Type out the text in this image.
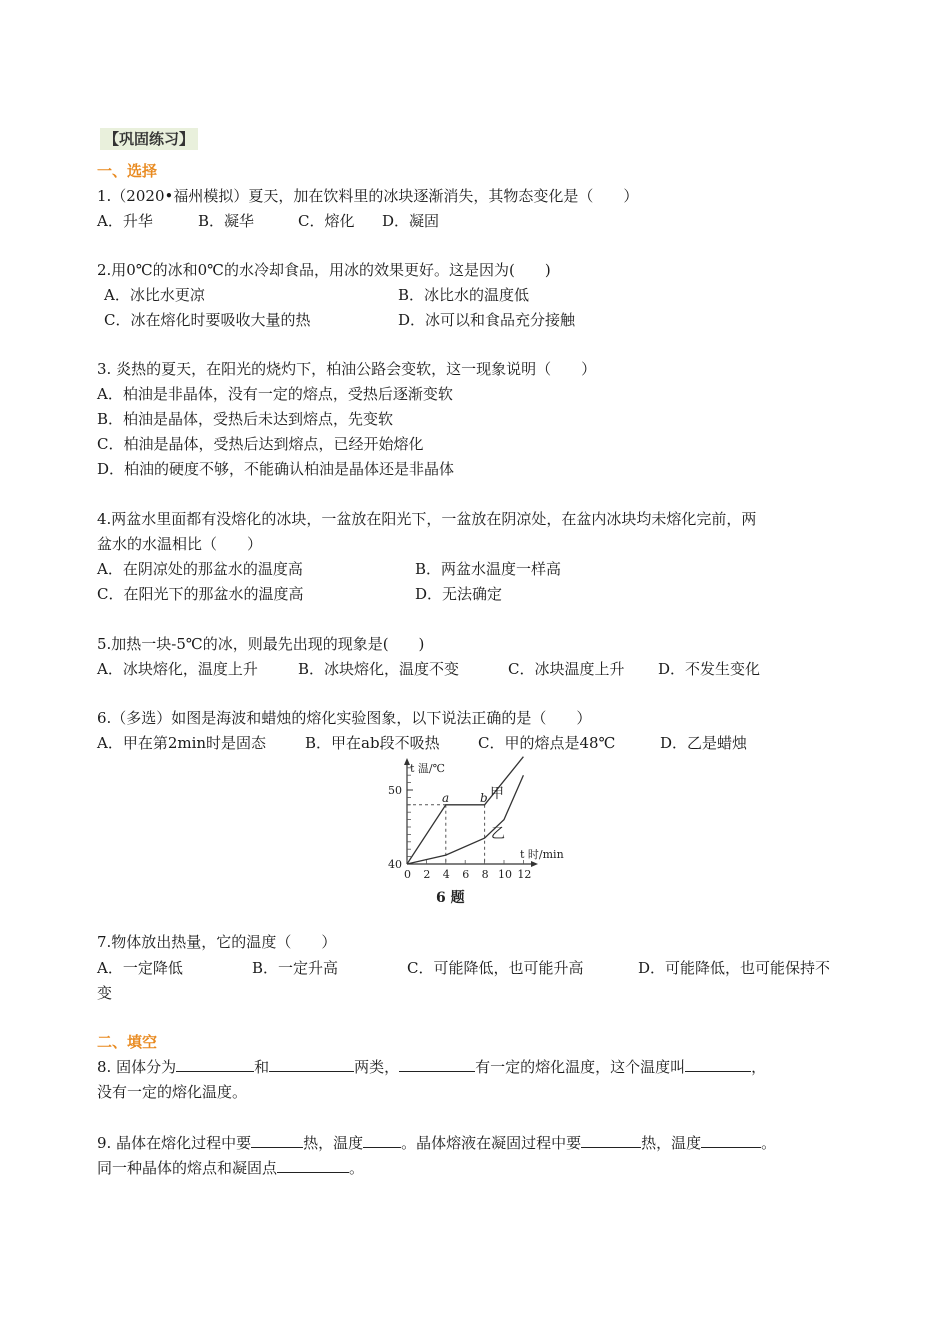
【巩固练习】
一、选择
1.（2020•福州模拟）夏天，加在饮料里的冰块逐渐消失，其物态变化是（　　）
A．升华	B．凝华	C．熔化 D．凝固
2.用0℃的冰和0℃的水冷却食品，用冰的效果更好。这是因为(　　)
A．冰比水更凉	B．冰比水的温度低
C．冰在熔化时要吸收大量的热	D．冰可以和食品充分接触
3. 炎热的夏天，在阳光的烧灼下，柏油公路会变软，这一现象说明（　　）
A．柏油是非晶体，没有一定的熔点，受热后逐渐变软
B．柏油是晶体，受热后未达到熔点，先变软
C．柏油是晶体，受热后达到熔点，已经开始熔化
D．柏油的硬度不够，不能确认柏油是晶体还是非晶体
4.两盆水里面都有没熔化的冰块，一盆放在阳光下，一盆放在阴凉处，在盆内冰块均未熔化完前，两
盆水的水温相比（　　）
A．在阴凉处的那盆水的温度高	B．两盆水温度一样高
C．在阳光下的那盆水的温度高	D．无法确定
5.加热一块-5℃的冰，则最先出现的现象是(　　)
A．冰块熔化，温度上升	B．冰块熔化，温度不变	C．冰块温度上升 D．不发生变化
6.（多选）如图是海波和蜡烛的熔化实验图象，以下说法正确的是（　　）
A．甲在第2min时是固态	B．甲在ab段不吸热	C．甲的熔点是48℃	D．乙是蜡烛
0 2 4 6 8 10 12
40
50
t 温/℃
t 时/min
a	b 甲
乙
6 题
7.物体放出热量，它的温度（　　）
A．一定降低	B．一定升高	C．可能降低，也可能升高	D．可能降低，也可能保持不
变
二、填空
8. 固体分为	和	两类，	有一定的熔化温度，这个温度叫	，
没有一定的熔化温度。
9. 晶体在熔化过程中要	热，温度	。晶体熔液在凝固过程中要	热，温度	。
同一种晶体的熔点和凝固点	。
